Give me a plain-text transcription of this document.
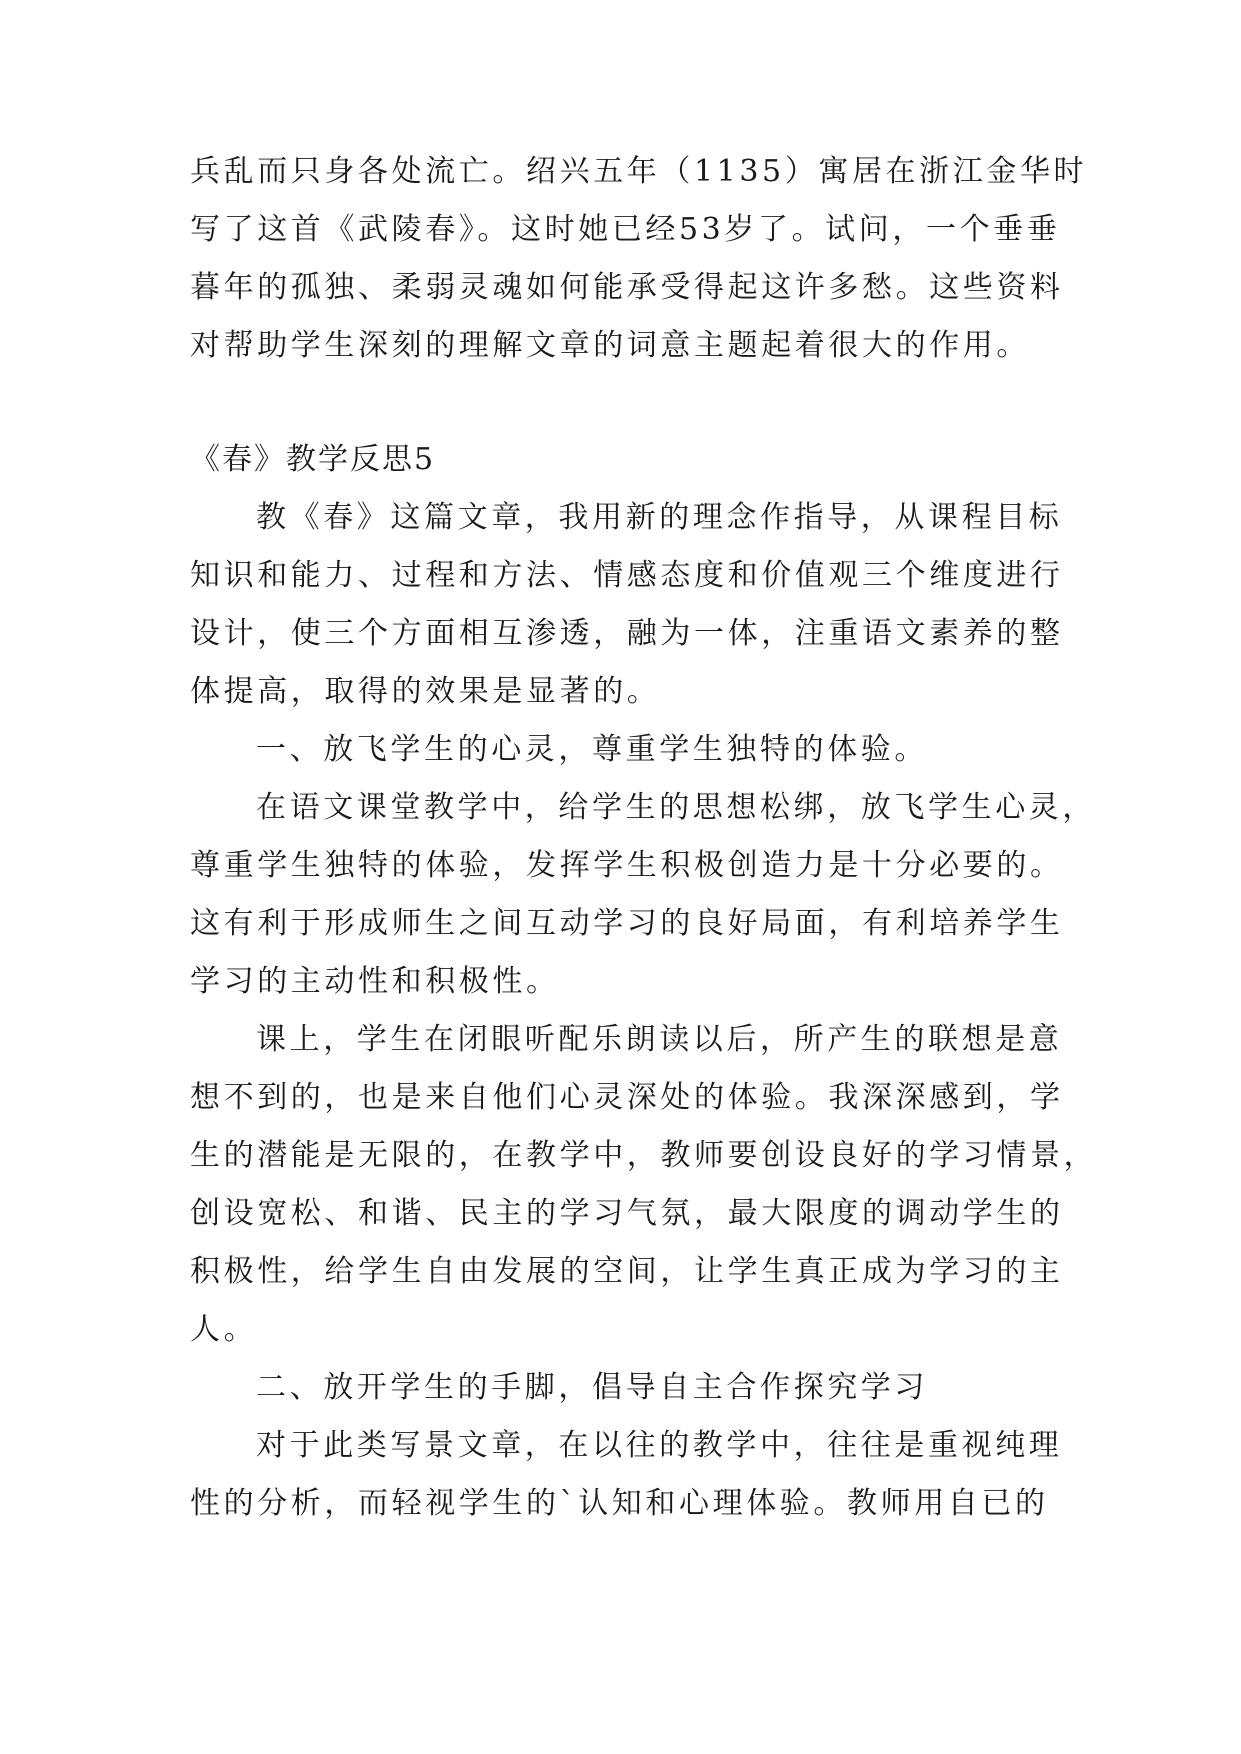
兵乱而只身各处流亡。绍兴五年（1135）寓居在浙江金华时
写了这首《武陵春》。这时她已经53岁了。试问，一个垂垂
暮年的孤独、柔弱灵魂如何能承受得起这许多愁。这些资料
对帮助学生深刻的理解文章的词意主题起着很大的作用。
《春》教学反思5
教《春》这篇文章，我用新的理念作指导，从课程目标
知识和能力、过程和方法、情感态度和价值观三个维度进行
设计，使三个方面相互渗透，融为一体，注重语文素养的整
体提高，取得的效果是显著的。
一、放飞学生的心灵，尊重学生独特的体验。
在语文课堂教学中，给学生的思想松绑，放飞学生心灵，
尊重学生独特的体验，发挥学生积极创造力是十分必要的。
这有利于形成师生之间互动学习的良好局面，有利培养学生
学习的主动性和积极性。
课上，学生在闭眼听配乐朗读以后，所产生的联想是意
想不到的，也是来自他们心灵深处的体验。我深深感到，学
生的潜能是无限的，在教学中，教师要创设良好的学习情景，
创设宽松、和谐、民主的学习气氛，最大限度的调动学生的
积极性，给学生自由发展的空间，让学生真正成为学习的主
人。
二、放开学生的手脚，倡导自主合作探究学习
对于此类写景文章，在以往的教学中，往往是重视纯理
性的分析，而轻视学生的`认知和心理体验。教师用自已的
